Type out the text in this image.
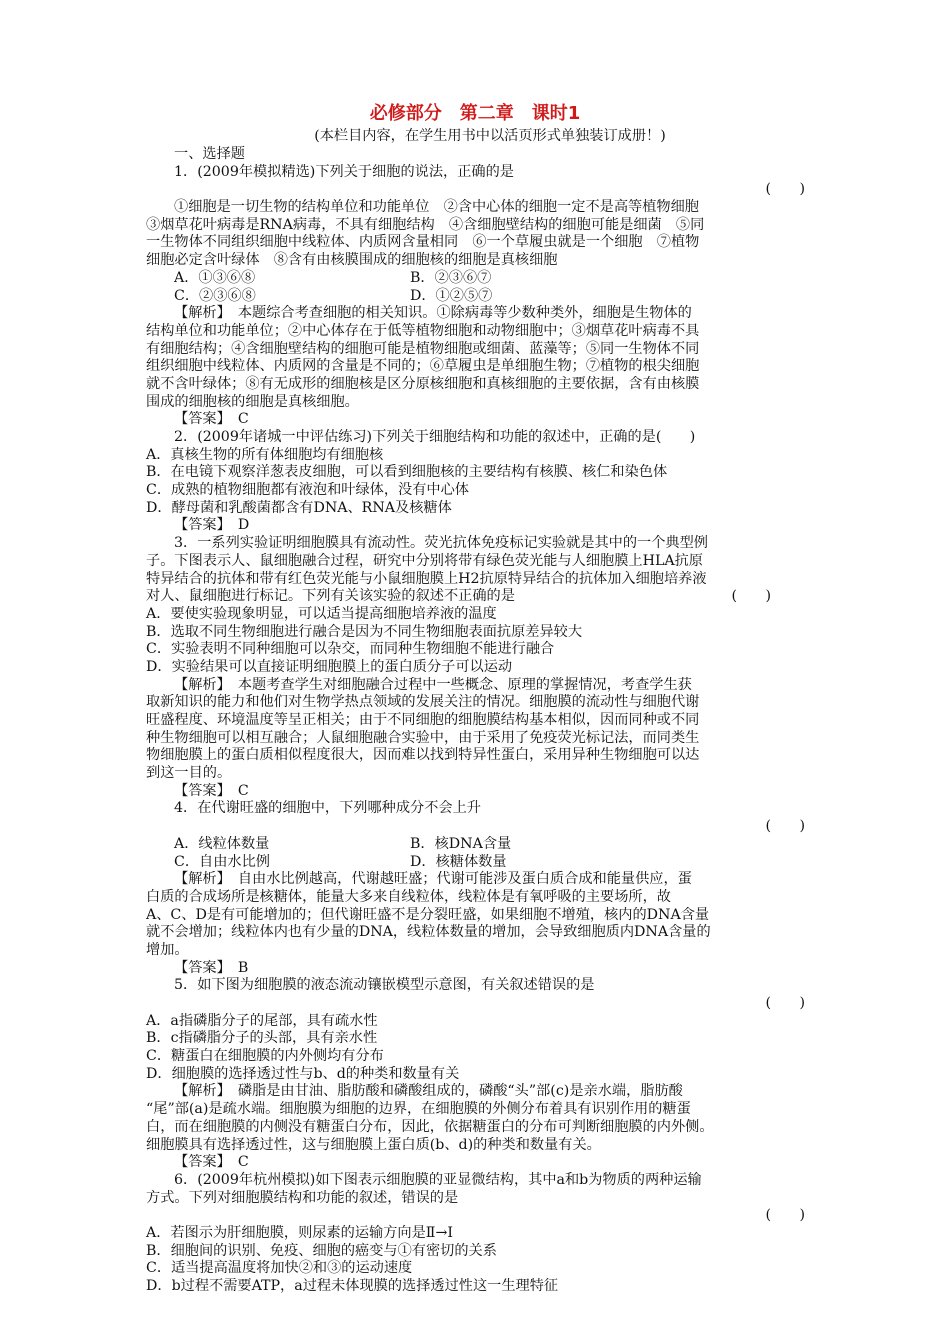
必修部分　第二章　课时1
(本栏目内容，在学生用书中以活页形式单独装订成册！)
一、选择题
1．(2009年模拟精选)下列关于细胞的说法，正确的是
(　　)
①细胞是一切生物的结构单位和功能单位　②含中心体的细胞一定不是高等植物细胞
③烟草花叶病毒是RNA病毒，不具有细胞结构　④含细胞壁结构的细胞可能是细菌　⑤同
一生物体不同组织细胞中线粒体、内质网含量相同　⑥一个草履虫就是一个细胞　⑦植物
细胞必定含叶绿体　⑧含有由核膜围成的细胞核的细胞是真核细胞
A．①③⑥⑧	B．②③⑥⑦
C．②③⑥⑧	D．①②⑤⑦
【解析】　 本题综合考查细胞的相关知识。①除病毒等少数种类外，细胞是生物体的
结构单位和功能单位；②中心体存在于低等植物细胞和动物细胞中；③烟草花叶病毒不具
有细胞结构；④含细胞壁结构的细胞可能是植物细胞或细菌、蓝藻等；⑤同一生物体不同
组织细胞中线粒体、内质网的含量是不同的；⑥草履虫是单细胞生物；⑦植物的根尖细胞
就不含叶绿体；⑧有无成形的细胞核是区分原核细胞和真核细胞的主要依据，含有由核膜
围成的细胞核的细胞是真核细胞。
【答案】　 C
2．(2009年诸城一中评估练习)下列关于细胞结构和功能的叙述中，正确的是(　　)
A．真核生物的所有体细胞均有细胞核
B．在电镜下观察洋葱表皮细胞，可以看到细胞核的主要结构有核膜、核仁和染色体
C．成熟的植物细胞都有液泡和叶绿体，没有中心体
D．酵母菌和乳酸菌都含有DNA、RNA及核糖体
【答案】　 D
3．一系列实验证明细胞膜具有流动性。荧光抗体免疫标记实验就是其中的一个典型例
子。下图表示人、鼠细胞融合过程，研究中分别将带有绿色荧光能与人细胞膜上HLA抗原
特异结合的抗体和带有红色荧光能与小鼠细胞膜上H2抗原特异结合的抗体加入细胞培养液
对人、鼠细胞进行标记。下列有关该实验的叙述不正确的是	(　　)
A．要使实验现象明显，可以适当提高细胞培养液的温度
B．选取不同生物细胞进行融合是因为不同生物细胞表面抗原差异较大
C．实验表明不同种细胞可以杂交，而同种生物细胞不能进行融合
D．实验结果可以直接证明细胞膜上的蛋白质分子可以运动
【解析】　 本题考查学生对细胞融合过程中一些概念、原理的掌握情况，考查学生获
取新知识的能力和他们对生物学热点领域的发展关注的情况。细胞膜的流动性与细胞代谢
旺盛程度、环境温度等呈正相关；由于不同细胞的细胞膜结构基本相似，因而同种或不同
种生物细胞可以相互融合；人鼠细胞融合实验中，由于采用了免疫荧光标记法，而同类生
物细胞膜上的蛋白质相似程度很大，因而难以找到特异性蛋白，采用异种生物细胞可以达
到这一目的。
【答案】　 C
4．在代谢旺盛的细胞中，下列哪种成分不会上升
(　　)
A．线粒体数量	B．核DNA含量
C．自由水比例	D．核糖体数量
【解析】　 自由水比例越高，代谢越旺盛；代谢可能涉及蛋白质合成和能量供应，蛋
白质的合成场所是核糖体，能量大多来自线粒体，线粒体是有氧呼吸的主要场所，故
A、C、D是有可能增加的；但代谢旺盛不是分裂旺盛，如果细胞不增殖，核内的DNA含量
就不会增加；线粒体内也有少量的DNA，线粒体数量的增加，会导致细胞质内DNA含量的
增加。
【答案】　 B
5．如下图为细胞膜的液态流动镶嵌模型示意图，有关叙述错误的是
(　　)
A．a指磷脂分子的尾部，具有疏水性
B．c指磷脂分子的头部，具有亲水性
C．糖蛋白在细胞膜的内外侧均有分布
D．细胞膜的选择透过性与b、d的种类和数量有关
【解析】　 磷脂是由甘油、脂肪酸和磷酸组成的，磷酸“头”部(c)是亲水端，脂肪酸
“尾”部(a)是疏水端。细胞膜为细胞的边界，在细胞膜的外侧分布着具有识别作用的糖蛋
白，而在细胞膜的内侧没有糖蛋白分布，因此，依据糖蛋白的分布可判断细胞膜的内外侧。
细胞膜具有选择透过性，这与细胞膜上蛋白质(b、d)的种类和数量有关。
【答案】　 C
6．(2009年杭州模拟)如下图表示细胞膜的亚显微结构，其中a和b为物质的两种运输
方式。下列对细胞膜结构和功能的叙述，错误的是
(　　)
A．若图示为肝细胞膜，则尿素的运输方向是Ⅱ→Ⅰ
B．细胞间的识别、免疫、细胞的癌变与①有密切的关系
C．适当提高温度将加快②和③的运动速度
D．b过程不需要ATP，a过程未体现膜的选择透过性这一生理特征
